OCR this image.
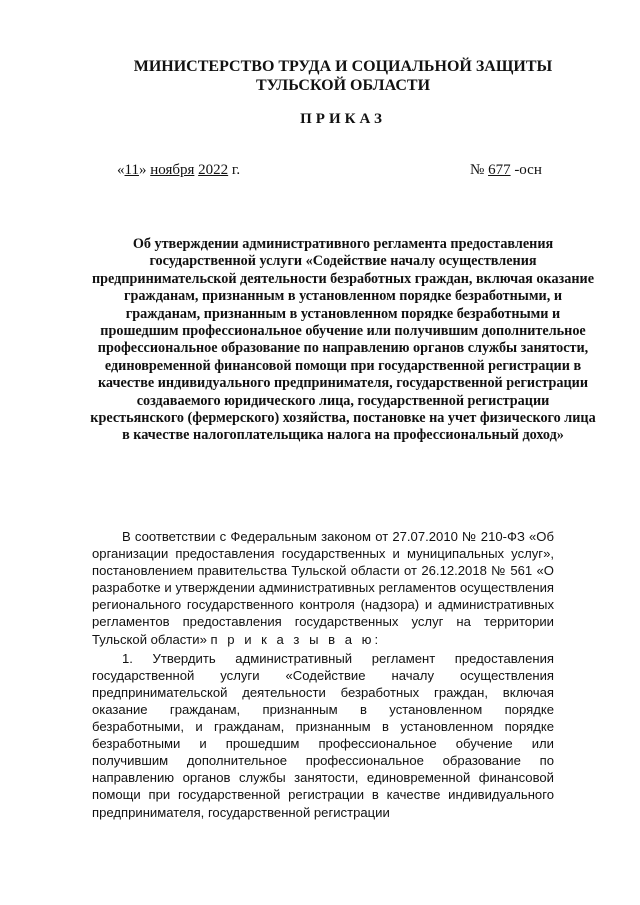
МИНИСТЕРСТВО ТРУДА И СОЦИАЛЬНОЙ ЗАЩИТЫ
ТУЛЬСКОЙ ОБЛАСТИ
ПРИКАЗ
«11» ноября 2022 г.	№ 677 -осн
Об утверждении административного регламента предоставления государственной услуги «Содействие началу осуществления предпринимательской деятельности безработных граждан, включая оказание гражданам, признанным в установленном порядке безработными, и гражданам, признанным в установленном порядке безработными и прошедшим профессиональное обучение или получившим дополнительное профессиональное образование по направлению органов службы занятости, единовременной финансовой помощи при государственной регистрации в качестве индивидуального предпринимателя, государственной регистрации создаваемого юридического лица, государственной регистрации крестьянского (фермерского) хозяйства, постановке на учет физического лица в качестве налогоплательщика налога на профессиональный доход»

В соответствии с Федеральным законом от 27.07.2010 № 210-ФЗ «Об организации предоставления государственных и муниципальных услуг», постановлением правительства Тульской области от 26.12.2018 № 561 «О разработке и утверждении административных регламентов осуществления регионального государственного контроля (надзора) и административных регламентов предоставления государственных услуг на территории Тульской области» п р и к а з ы в а ю:

1. Утвердить административный регламент предоставления государственной услуги «Содействие началу осуществления предпринимательской деятельности безработных граждан, включая оказание гражданам, признанным в установленном порядке безработными, и гражданам, признанным в установленном порядке безработными и прошедшим профессиональное обучение или получившим дополнительное профессиональное образование по направлению органов службы занятости, единовременной финансовой помощи при государственной регистрации в качестве индивидуального предпринимателя, государственной регистрации
